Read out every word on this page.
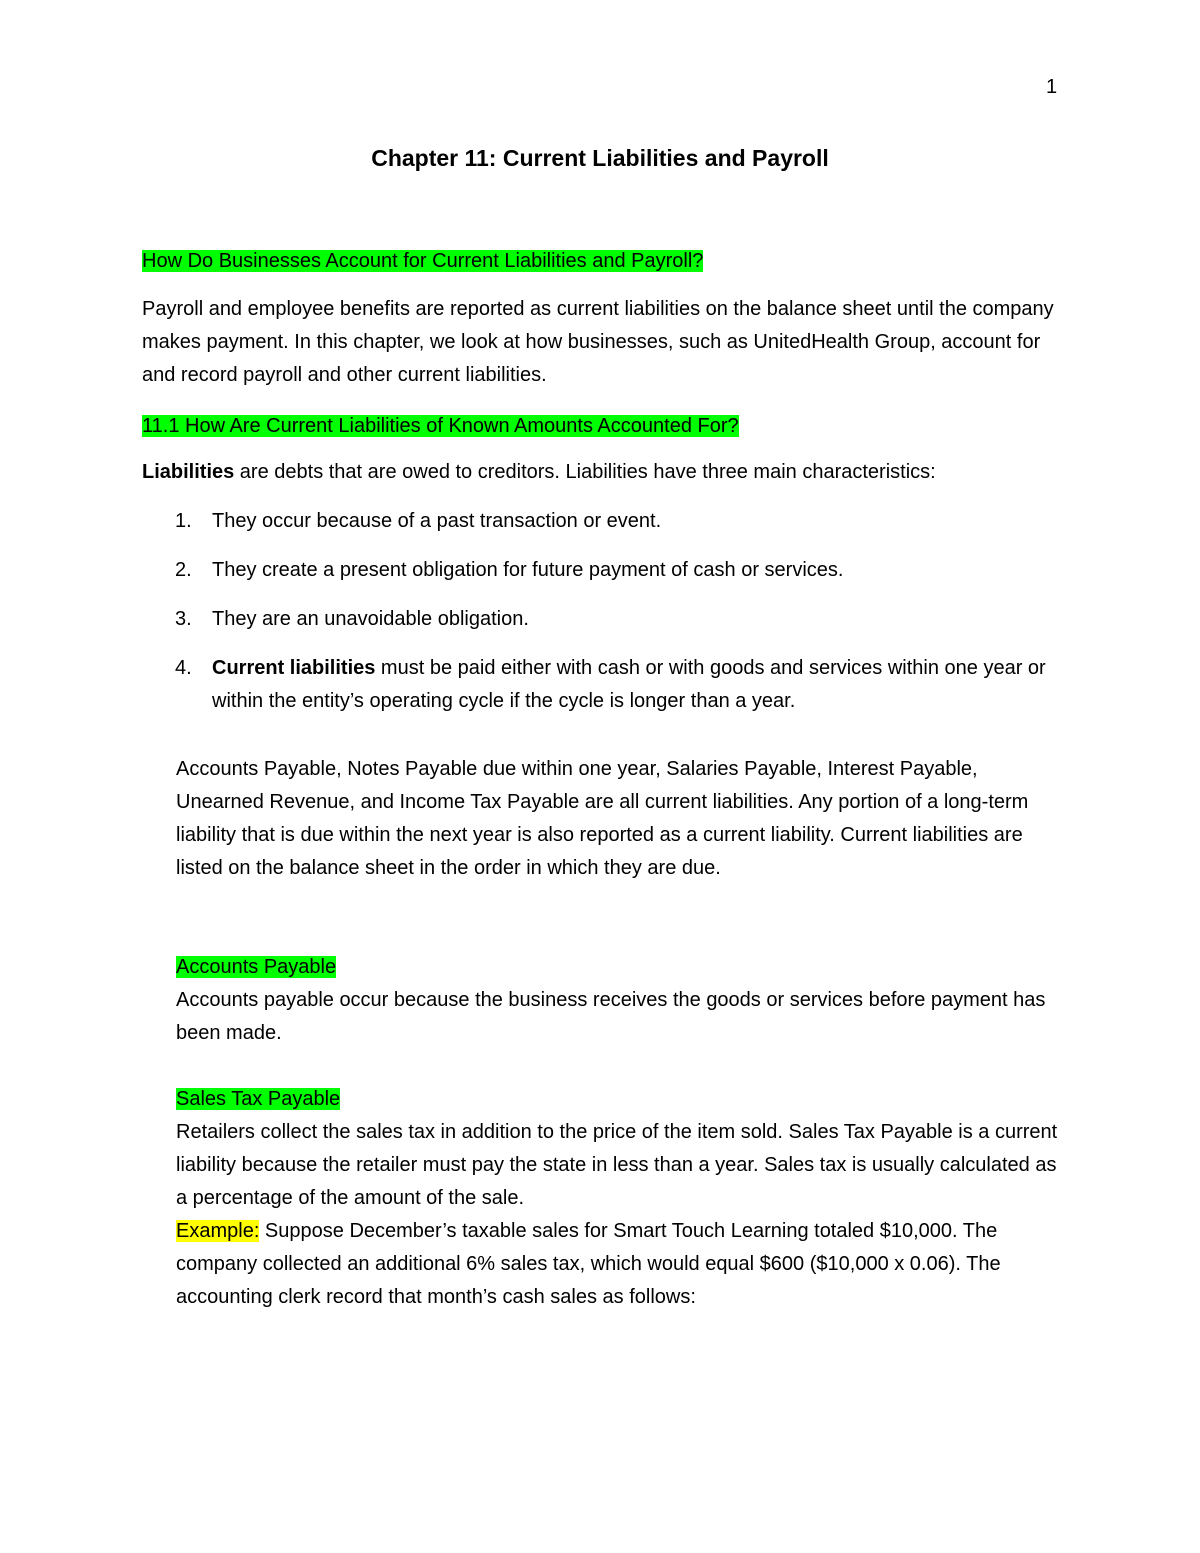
1
Chapter 11: Current Liabilities and Payroll
How Do Businesses Account for Current Liabilities and Payroll?

Payroll and employee benefits are reported as current liabilities on the balance sheet until the company makes payment. In this chapter, we look at how businesses, such as UnitedHealth Group, account for and record payroll and other current liabilities.

11.1 How Are Current Liabilities of Known Amounts Accounted For?

Liabilities are debts that are owed to creditors. Liabilities have three main characteristics:

1. They occur because of a past transaction or event.
2. They create a present obligation for future payment of cash or services.
3. They are an unavoidable obligation.
4. Current liabilities must be paid either with cash or with goods and services within one year or within the entity’s operating cycle if the cycle is longer than a year.

Accounts Payable, Notes Payable due within one year, Salaries Payable, Interest Payable, Unearned Revenue, and Income Tax Payable are all current liabilities. Any portion of a long-term liability that is due within the next year is also reported as a current liability. Current liabilities are listed on the balance sheet in the order in which they are due.

Accounts Payable
Accounts payable occur because the business receives the goods or services before payment has been made.
Sales Tax Payable
Retailers collect the sales tax in addition to the price of the item sold. Sales Tax Payable is a current liability because the retailer must pay the state in less than a year. Sales tax is usually calculated as a percentage of the amount of the sale.
Example: Suppose December’s taxable sales for Smart Touch Learning totaled $10,000. The company collected an additional 6% sales tax, which would equal $600 ($10,000 x 0.06). The accounting clerk record that month’s cash sales as follows:
